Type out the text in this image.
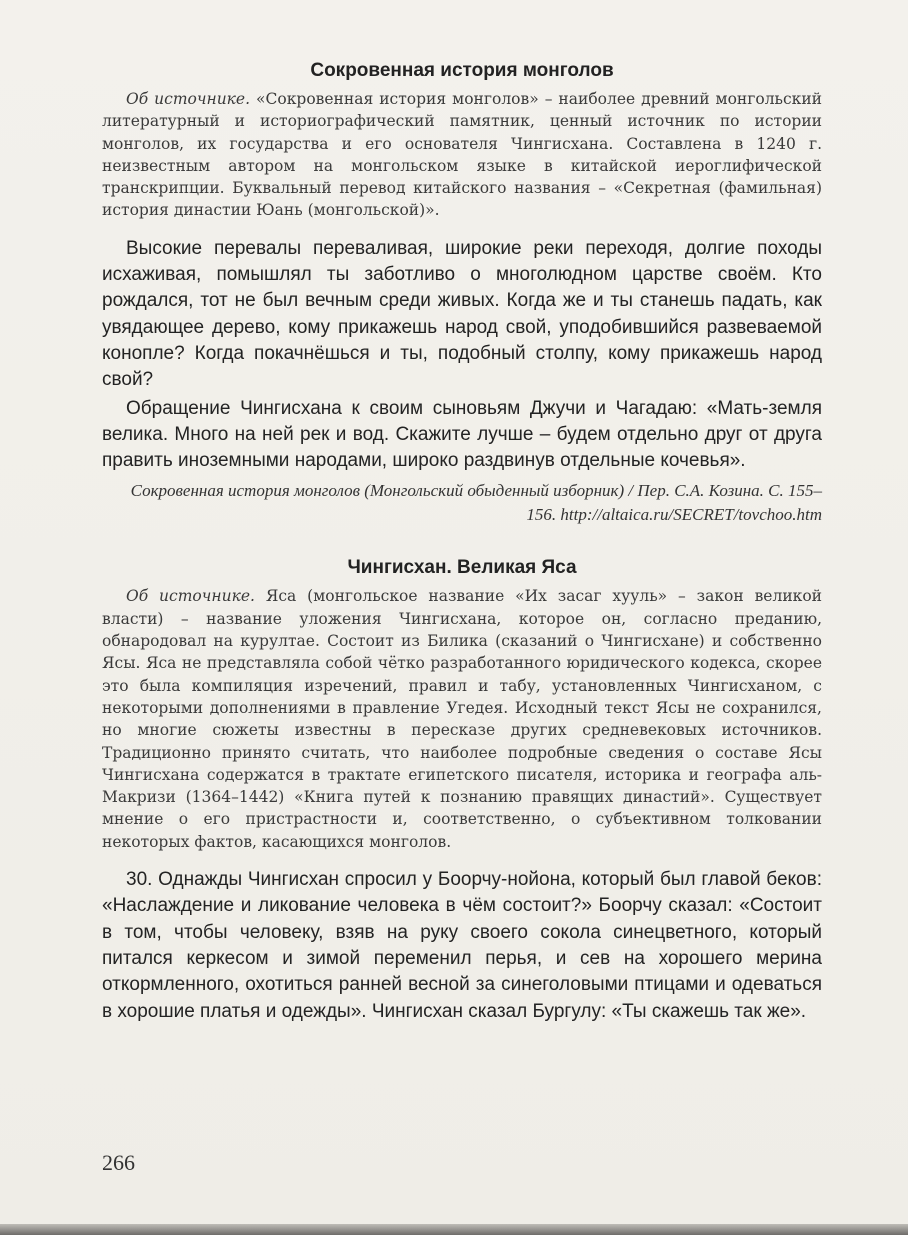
Сокровенная история монголов

Об источнике. «Сокровенная история монголов» – наиболее древний монгольский литературный и историографический памятник, ценный источник по истории монголов, их государства и его основателя Чингисхана. Составлена в 1240 г. неизвестным автором на монгольском языке в китайской иероглифической транскрипции. Буквальный перевод китайского названия – «Секретная (фамильная) история династии Юань (монгольской)».

Высокие перевалы переваливая, широкие реки переходя, долгие походы исхаживая, помышлял ты заботливо о многолюдном царстве своём. Кто рождался, тот не был вечным среди живых. Когда же и ты станешь падать, как увядающее дерево, кому прикажешь народ свой, уподобившийся развеваемой конопле? Когда покачнёшься и ты, подобный столпу, кому прикажешь народ свой?

Обращение Чингисхана к своим сыновьям Джучи и Чагадаю: «Мать-земля велика. Много на ней рек и вод. Скажите лучше – будем отдельно друг от друга править иноземными народами, широко раздвинув отдельные кочевья».

Сокровенная история монголов (Монгольский обыденный изборник) / Пер. С.А. Козина. С. 155–156. http://altaica.ru/SECRET/tovchoo.htm

Чингисхан. Великая Яса

Об источнике. Яса (монгольское название «Их засаг хууль» – закон великой власти) – название уложения Чингисхана, которое он, согласно преданию, обнародовал на курултае. Состоит из Билика (сказаний о Чингисхане) и собственно Ясы. Яса не представляла собой чётко разработанного юридического кодекса, скорее это была компиляция изречений, правил и табу, установленных Чингисханом, с некоторыми дополнениями в правление Угедея. Исходный текст Ясы не сохранился, но многие сюжеты известны в пересказе других средневековых источников. Традиционно принято считать, что наиболее подробные сведения о составе Ясы Чингисхана содержатся в трактате египетского писателя, историка и географа аль-Макризи (1364–1442) «Книга путей к познанию правящих династий». Существует мнение о его пристрастности и, соответственно, о субъективном толковании некоторых фактов, касающихся монголов.

30. Однажды Чингисхан спросил у Боорчу-нойона, который был главой беков: «Наслаждение и ликование человека в чём состоит?» Боорчу сказал: «Состоит в том, чтобы человеку, взяв на руку своего сокола синецветного, который питался керкесом и зимой переменил перья, и сев на хорошего мерина откормленного, охотиться ранней весной за синеголовыми птицами и одеваться в хорошие платья и одежды». Чингисхан сказал Бургулу: «Ты скажешь так же».

266
